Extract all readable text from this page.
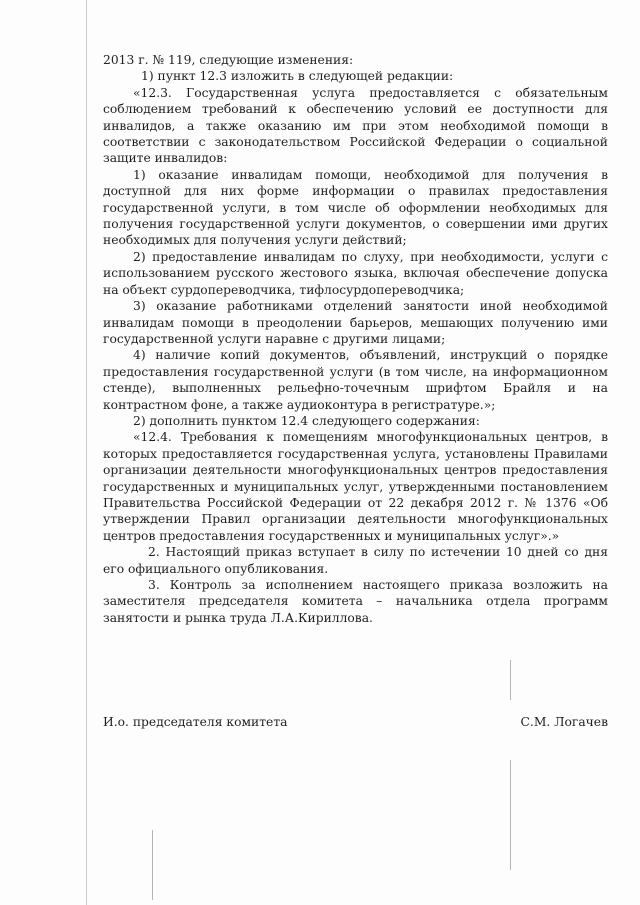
2013 г. № 119, следующие изменения:

1) пункт 12.3 изложить в следующей редакции:

«12.3. Государственная услуга предоставляется с обязательным соблюдением требований к обеспечению условий ее доступности для инвалидов, а также оказанию им при этом необходимой помощи в соответствии с законодательством Российской Федерации о социальной защите инвалидов:

1) оказание инвалидам помощи, необходимой для получения в доступной для них форме информации о правилах предоставления государственной услуги, в том числе об оформлении необходимых для получения государственной услуги документов, о совершении ими других необходимых для получения услуги действий;

2) предоставление инвалидам по слуху, при необходимости, услуги с использованием русского жестового языка, включая обеспечение допуска на объект сурдопереводчика, тифлосурдопереводчика;

3) оказание работниками отделений занятости иной необходимой инвалидам помощи в преодолении барьеров, мешающих получению ими государственной услуги наравне с другими лицами;

4) наличие копий документов, объявлений, инструкций о порядке предоставления государственной услуги (в том числе, на информационном стенде), выполненных рельефно-точечным шрифтом Брайля и на контрастном фоне, а также аудиоконтура в регистратуре.»;

2) дополнить пунктом 12.4 следующего содержания:

«12.4. Требования к помещениям многофункциональных центров, в которых предоставляется государственная услуга, установлены Правилами организации деятельности многофункциональных центров предоставления государственных и муниципальных услуг, утвержденными постановлением Правительства Российской Федерации от 22 декабря 2012 г. № 1376 «Об утверждении Правил организации деятельности многофункциональных центров предоставления государственных и муниципальных услуг».»

2. Настоящий приказ вступает в силу по истечении 10 дней со дня его официального опубликования.

3. Контроль за исполнением настоящего приказа возложить на заместителя председателя комитета – начальника отдела программ занятости и рынка труда Л.А.Кириллова.

И.о. председателя комитета	С.М. Логачев
